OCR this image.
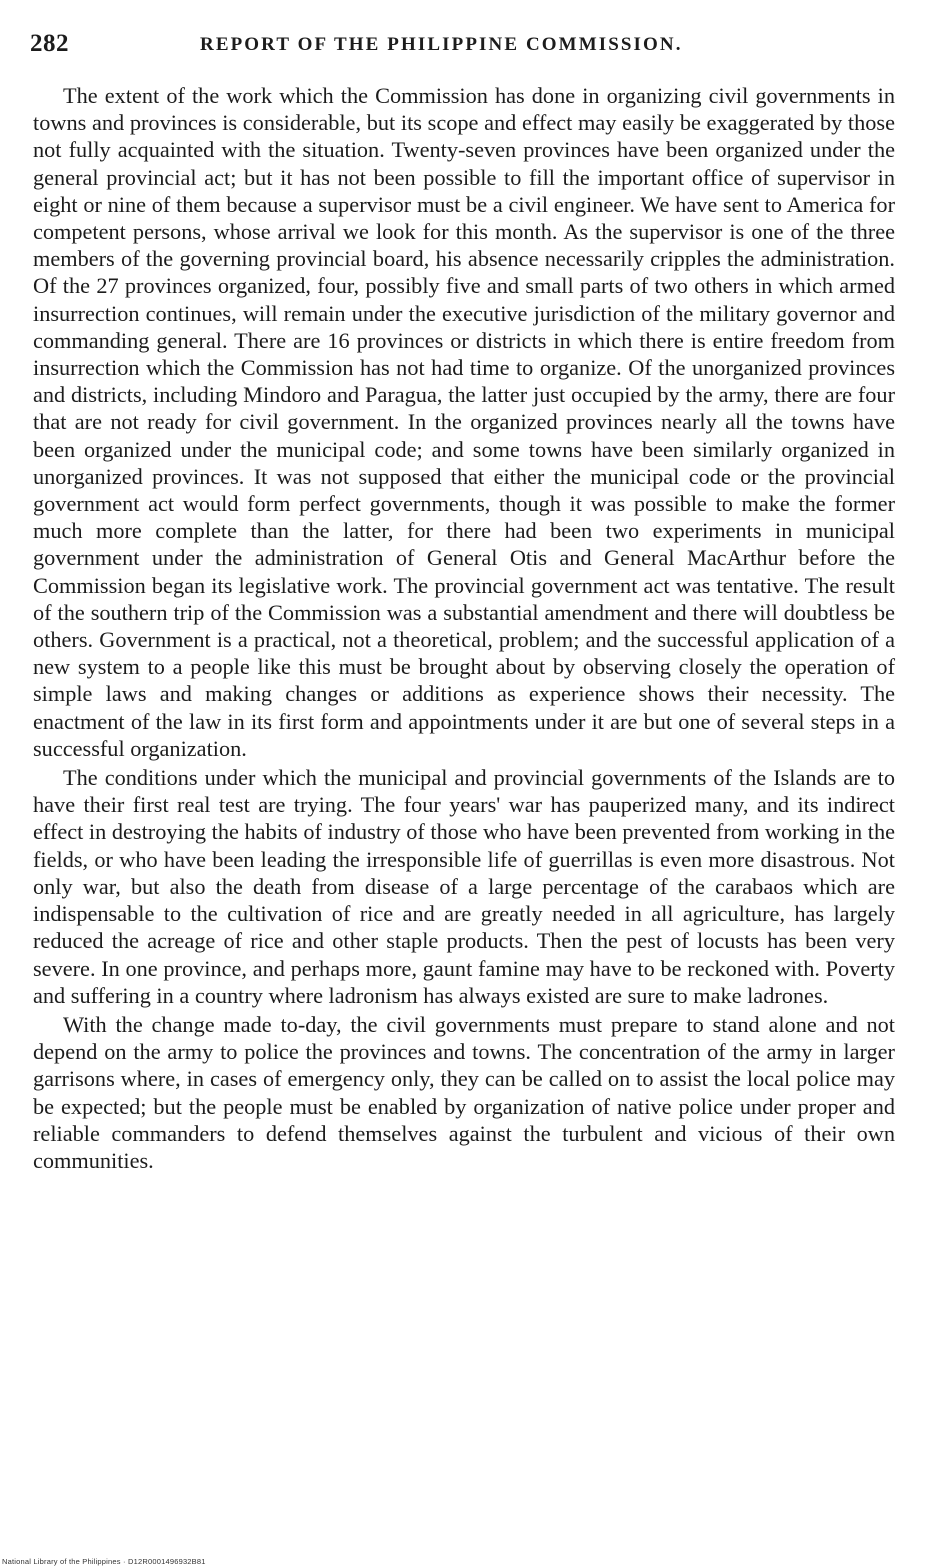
282	REPORT OF THE PHILIPPINE COMMISSION.

The extent of the work which the Commission has done in organizing civil governments in towns and provinces is considerable, but its scope and effect may easily be exaggerated by those not fully acquainted with the situation. Twenty-seven provinces have been organized under the general provincial act; but it has not been possible to fill the important office of supervisor in eight or nine of them because a supervisor must be a civil engineer. We have sent to America for competent persons, whose arrival we look for this month. As the supervisor is one of the three members of the governing provincial board, his absence necessarily cripples the administration. Of the 27 provinces organized, four, possibly five and small parts of two others in which armed insurrection continues, will remain under the executive jurisdiction of the military governor and commanding general. There are 16 provinces or districts in which there is entire freedom from insurrection which the Commission has not had time to organize. Of the unorganized provinces and districts, including Mindoro and Paragua, the latter just occupied by the army, there are four that are not ready for civil government. In the organized provinces nearly all the towns have been organized under the municipal code; and some towns have been similarly organized in unorganized provinces. It was not supposed that either the municipal code or the provincial government act would form perfect governments, though it was possible to make the former much more complete than the latter, for there had been two experiments in municipal government under the administration of General Otis and General MacArthur before the Commission began its legislative work. The provincial government act was tentative. The result of the southern trip of the Commission was a substantial amendment and there will doubtless be others. Government is a practical, not a theoretical, problem; and the successful application of a new system to a people like this must be brought about by observing closely the operation of simple laws and making changes or additions as experience shows their necessity. The enactment of the law in its first form and appointments under it are but one of several steps in a successful organization.

The conditions under which the municipal and provincial governments of the Islands are to have their first real test are trying. The four years' war has pauperized many, and its indirect effect in destroying the habits of industry of those who have been prevented from working in the fields, or who have been leading the irresponsible life of guerrillas is even more disastrous. Not only war, but also the death from disease of a large percentage of the carabaos which are indispensable to the cultivation of rice and are greatly needed in all agriculture, has largely reduced the acreage of rice and other staple products. Then the pest of locusts has been very severe. In one province, and perhaps more, gaunt famine may have to be reckoned with. Poverty and suffering in a country where ladronism has always existed are sure to make ladrones.

With the change made to-day, the civil governments must prepare to stand alone and not depend on the army to police the provinces and towns. The concentration of the army in larger garrisons where, in cases of emergency only, they can be called on to assist the local police may be expected; but the people must be enabled by organization of native police under proper and reliable commanders to defend themselves against the turbulent and vicious of their own communities.

National Library of the Philippines · D12R0001496932B81
